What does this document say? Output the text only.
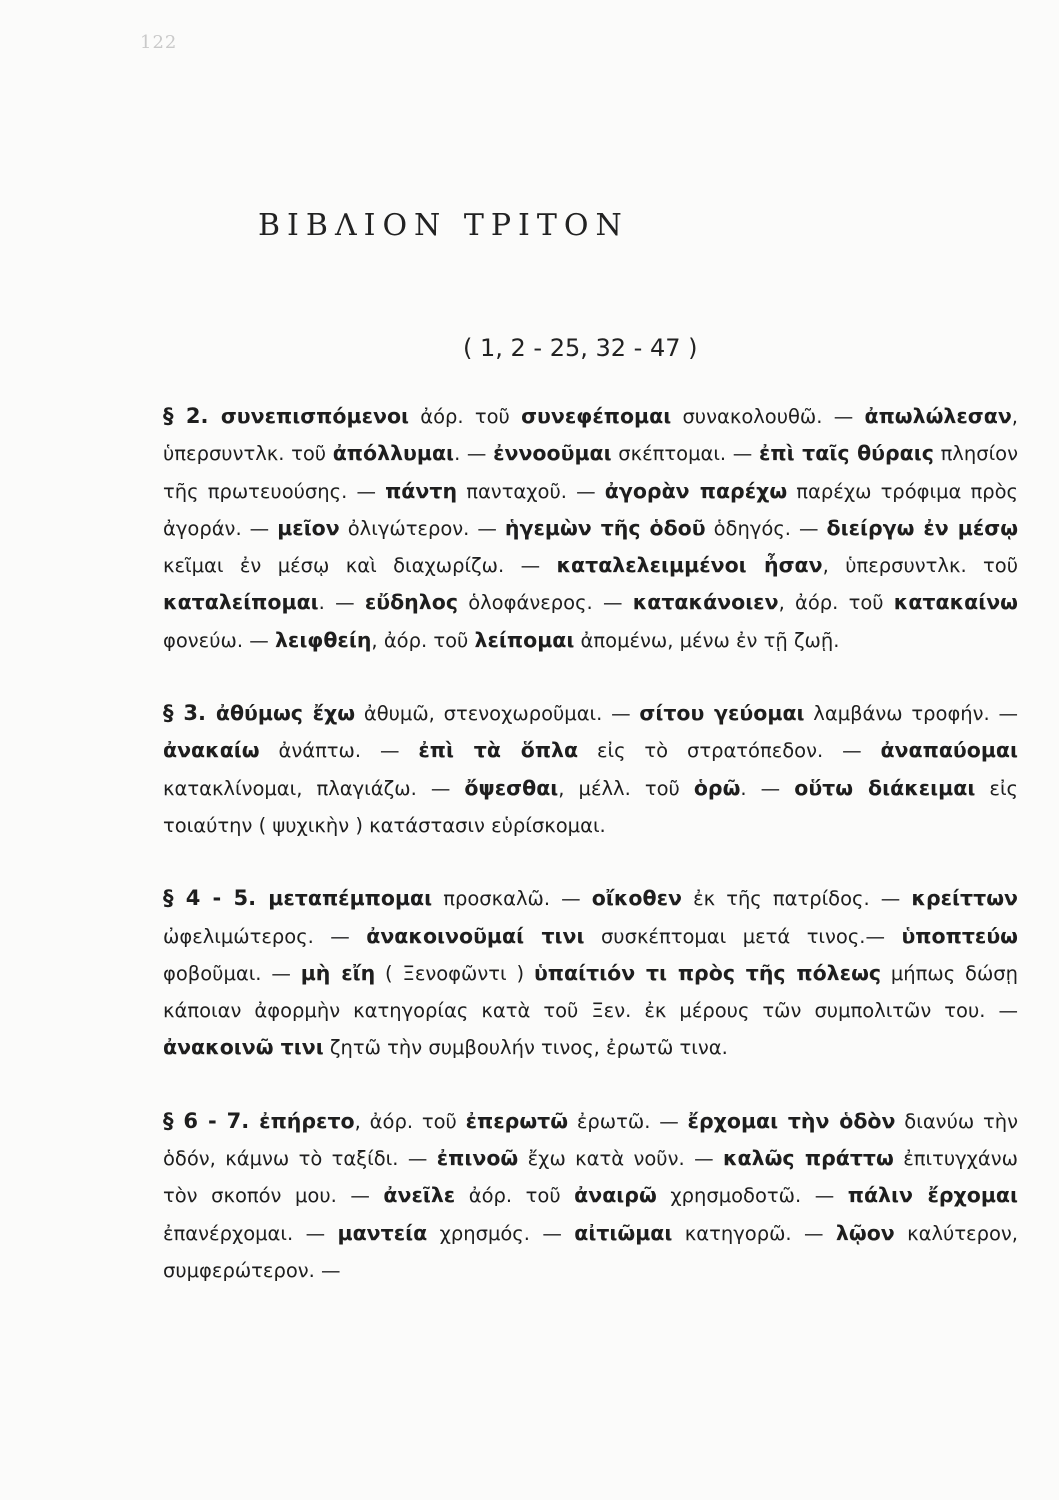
122
ΒΙΒΛΙΟΝ ΤΡΙΤΟΝ
( 1, 2 - 25, 32 - 47 )

§ 2. συνεπισπόμενοι ἀόρ. τοῦ συνεφέπομαι συνακολουθῶ. — ἀπωλώλεσαν, ὑπερσυντλκ. τοῦ ἀπόλλυμαι. — ἐννοοῦμαι σκέπτομαι. — ἐπὶ ταῖς θύραις πλησίον τῆς πρωτευούσης. — πάντη πανταχοῦ. — ἀγορὰν παρέχω παρέχω τρόφιμα πρὸς ἀγοράν. — μεῖον ὀλιγώτερον. — ἡγεμὼν τῆς ὁδοῦ ὁδηγός. — διείργω ἐν μέσῳ κεῖμαι ἐν μέσῳ καὶ διαχωρίζω. — καταλελειμμένοι ἦσαν, ὑπερσυντλκ. τοῦ καταλείπομαι. — εὔδηλος ὁλοφάνερος. — κατακάνοιεν, ἀόρ. τοῦ κατακαίνω φονεύω. — λειφθείη, ἀόρ. τοῦ λείπομαι ἀπομένω, μένω ἐν τῇ ζωῇ.

§ 3. ἀθύμως ἔχω ἀθυμῶ, στενοχωροῦμαι. — σίτου γεύομαι λαμβάνω τροφήν. — ἀνακαίω ἀνάπτω. — ἐπὶ τὰ ὅπλα εἰς τὸ στρατόπεδον. — ἀναπαύομαι κατακλίνομαι, πλαγιάζω. — ὄψεσθαι, μέλλ. τοῦ ὁρῶ. — οὕτω διάκειμαι εἰς τοιαύτην ( ψυχικὴν ) κατάστασιν εὑρίσκομαι.

§ 4 - 5. μεταπέμπομαι προσκαλῶ. — οἴκοθεν ἐκ τῆς πατρίδος. — κρείττων ὠφελιμώτερος. — ἀνακοινοῦμαί τινι συσκέπτομαι μετά τινος.— ὑποπτεύω φοβοῦμαι. — μὴ εἴη ( Ξενοφῶντι ) ὑπαίτιόν τι πρὸς τῆς πόλεως μήπως δώσῃ κάποιαν ἀφορμὴν κατηγορίας κατὰ τοῦ Ξεν. ἐκ μέρους τῶν συμπολιτῶν του. — ἀνακοινῶ τινι ζητῶ τὴν συμβουλήν τινος, ἐρωτῶ τινα.

§ 6 - 7. ἐπήρετο, ἀόρ. τοῦ ἐπερωτῶ ἐρωτῶ. — ἔρχομαι τὴν ὁδὸν διανύω τὴν ὁδόν, κάμνω τὸ ταξίδι. — ἐπινοῶ ἔχω κατὰ νοῦν. — καλῶς πράττω ἐπιτυγχάνω τὸν σκοπόν μου. — ἀνεῖλε ἀόρ. τοῦ ἀναιρῶ χρησμοδοτῶ. — πάλιν ἔρχομαι ἐπανέρχομαι. — μαντεία χρησμός. — αἰτιῶμαι κατηγορῶ. — λῷον καλύτερον, συμφερώτερον. —
